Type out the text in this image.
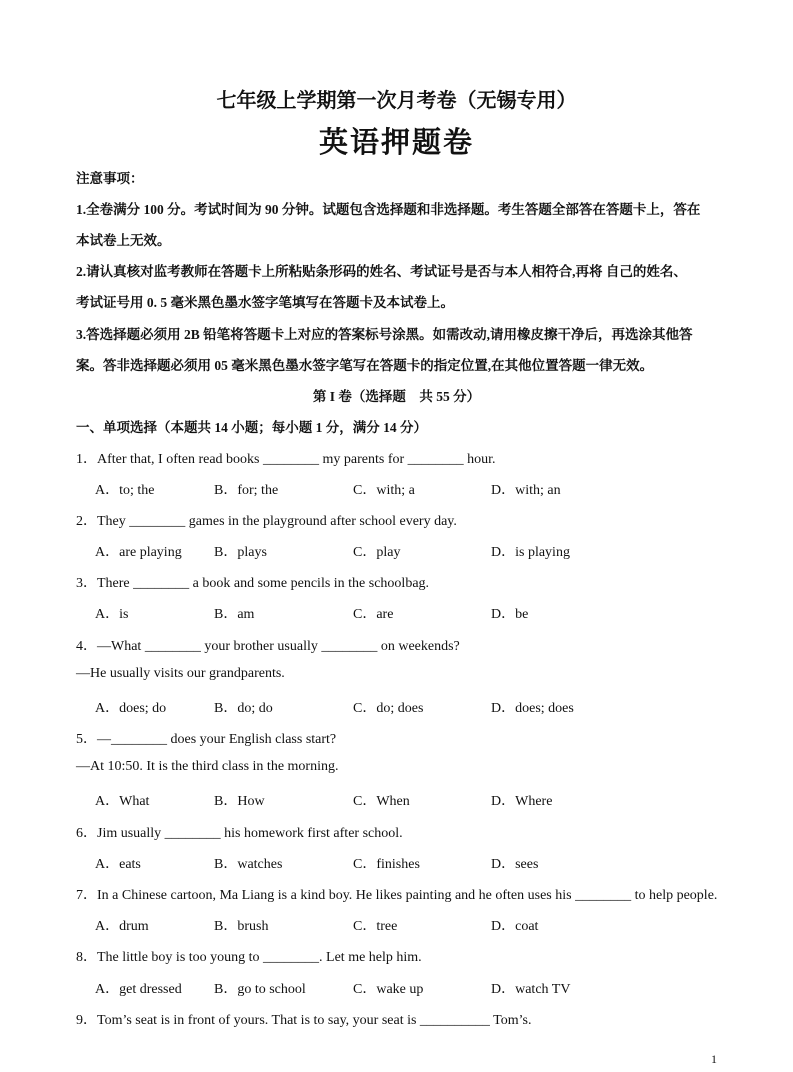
七年级上学期第一次月考卷（无锡专用）
英语押题卷
注意事项：
1.全卷满分 100 分。考试时间为 90 分钟。试题包含选择题和非选择题。考生答题全部答在答题卡上，答在
本试卷上无效。
2.请认真核对监考教师在答题卡上所粘贴条形码的姓名、考试证号是否与本人相符合,再将 自己的姓名、
考试证号用 0. 5 毫米黑色墨水签字笔填写在答题卡及本试卷上。
3.答选择题必须用 2B 铅笔将答题卡上对应的答案标号涂黑。如需改动,请用橡皮擦干净后，再选涂其他答
案。答非选择题必须用 05 毫米黑色墨水签字笔写在答题卡的指定位置,在其他位置答题一律无效。
第 I 卷（选择题　共 55 分）
一、单项选择（本题共 14 小题；每小题 1 分，满分 14 分）
1．After that, I often read books ________ my parents for ________ hour.
A．to; the	B．for; the	C．with; a	D．with; an
2．They ________ games in the playground after school every day.
A．are playing B．plays	C．play	D．is playing
3．There ________ a book and some pencils in the schoolbag.
A．is	B．am	C．are	D．be
4．—What ________ your brother usually ________ on weekends?
—He usually visits our grandparents.
A．does; do	B．do; do	C．do; does	D．does; does
5．—________ does your English class start?
—At 10:50. It is the third class in the morning.
A．What	B．How	C．When	D．Where
6．Jim usually ________ his homework first after school.
A．eats	B．watches	C．finishes	D．sees
7．In a Chinese cartoon, Ma Liang is a kind boy. He likes painting and he often uses his ________ to help people.
A．drum	B．brush	C．tree	D．coat
8．The little boy is too young to ________. Let me help him.
A．get dressed B．go to school	C．wake up	D．watch TV
9．Tom’s seat is in front of yours. That is to say, your seat is __________ Tom’s.
1
